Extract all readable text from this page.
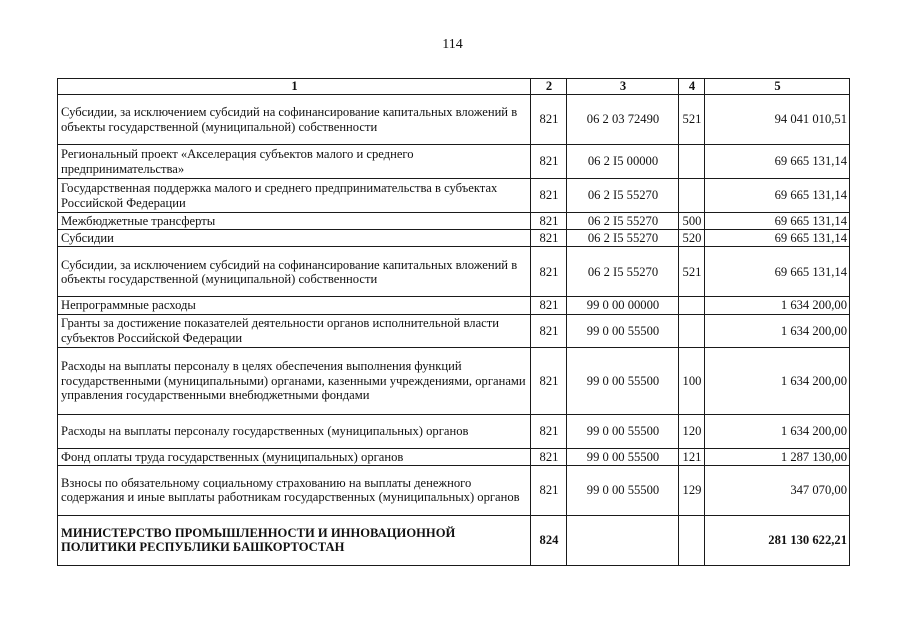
114
1	2	3	4	5
Субсидии, за исключением субсидий на софинансирование капитальных вложений в объекты государственной (муниципальной) собственности	821	06 2 03 72490	521	94 041 010,51
Региональный проект «Акселерация субъектов малого и среднего предпринимательства»	821	06 2 I5 00000		69 665 131,14
Государственная поддержка малого и среднего предпринимательства в субъектах Российской Федерации	821	06 2 I5 55270		69 665 131,14
Межбюджетные трансферты	821	06 2 I5 55270	500	69 665 131,14
Субсидии	821	06 2 I5 55270	520	69 665 131,14
Субсидии, за исключением субсидий на софинансирование капитальных вложений в объекты государственной (муниципальной) собственности	821	06 2 I5 55270	521	69 665 131,14
Непрограммные расходы	821	99 0 00 00000		1 634 200,00
Гранты за достижение показателей деятельности органов исполнительной власти субъектов Российской Федерации	821	99 0 00 55500		1 634 200,00
Расходы на выплаты персоналу в целях обеспечения выполнения функций государственными (муниципальными) органами, казенными учреждениями, органами управления государственными внебюджетными фондами	821	99 0 00 55500	100	1 634 200,00
Расходы на выплаты персоналу государственных (муниципальных) органов	821	99 0 00 55500	120	1 634 200,00
Фонд оплаты труда государственных (муниципальных) органов	821	99 0 00 55500	121	1 287 130,00
Взносы по обязательному социальному страхованию на выплаты денежного содержания и иные выплаты работникам государственных (муниципальных) органов	821	99 0 00 55500	129	347 070,00
МИНИСТЕРСТВО ПРОМЫШЛЕННОСТИ И ИННОВАЦИОННОЙ ПОЛИТИКИ РЕСПУБЛИКИ БАШКОРТОСТАН	824			281 130 622,21
